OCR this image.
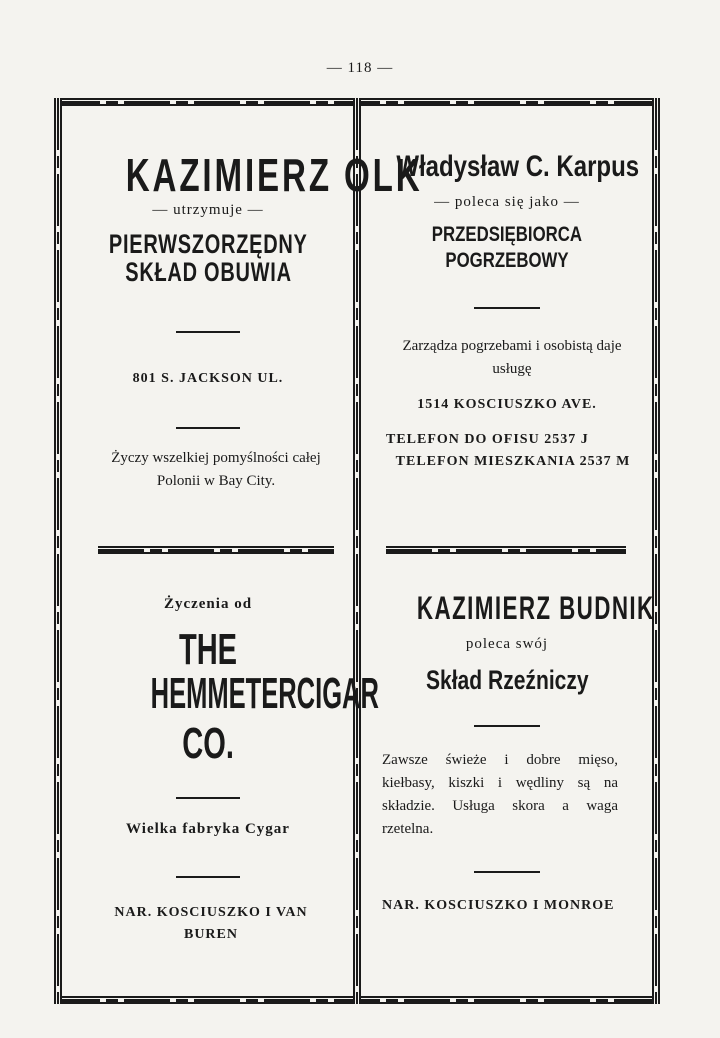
— 118 —
KAZIMIERZ OLK
— utrzymuje —
PIERWSZORZĘDNY
SKŁAD OBUWIA
801 S. JACKSON UL.
Życzy wszelkiej pomyślności całej Polonii w Bay City.
Władysław C. Karpus
— poleca się jako —
PRZEDSIĘBIORCA
POGRZEBOWY
Zarządza pogrzebami i osobistą daje usługę
1514 KOSCIUSZKO AVE.
TELEFON DO OFISU 2537 J
TELEFON MIESZKANIA 2537 M
Życzenia od
THE
HEMMETERCIGAR
CO.
Wielka fabryka Cygar
NAR. KOSCIUSZKO I VAN BUREN
KAZIMIERZ BUDNIK
poleca swój
Skład Rzeźniczy
Zawsze świeże i dobre mięso, kiełbasy, kiszki i wędliny są na składzie. Usługa skora a waga rzetelna.
NAR. KOSCIUSZKO I MONROE
